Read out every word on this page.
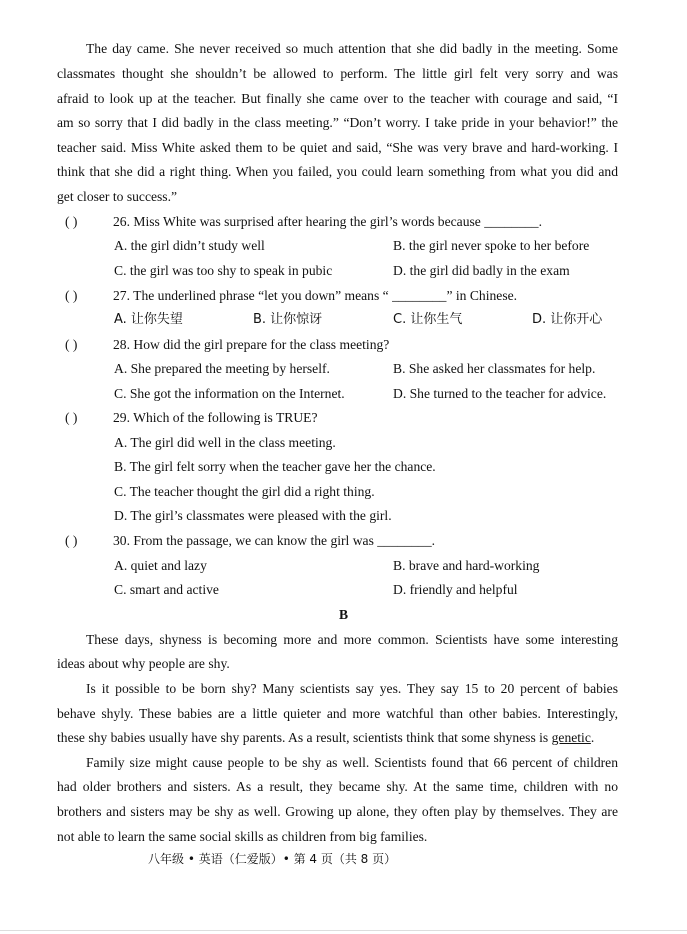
The day came. She never received so much attention that she did badly in the meeting. Some
classmates thought she shouldn’t be allowed to perform. The little girl felt very sorry and was
afraid to look up at the teacher. But finally she came over to the teacher with courage and said, “I
am so sorry that I did badly in the class meeting.” “Don’t worry. I take pride in your behavior!” the
teacher said. Miss White asked them to be quiet and said, “She was very brave and hard-working. I
think that she did a right thing. When you failed, you could learn something from what you did and
get closer to success.”
( )	26. Miss White was surprised after hearing the girl’s words because ________.
A. the girl didn’t study well	B. the girl never spoke to her before
C. the girl was too shy to speak in pubic	D. the girl did badly in the exam
( )	27. The underlined phrase “let you down” means “ ________” in Chinese.
A. 让你失望	B. 让你惊讶	C. 让你生气	D. 让你开心
( )	28. How did the girl prepare for the class meeting?
A. She prepared the meeting by herself.	B. She asked her classmates for help.
C. She got the information on the Internet.	D. She turned to the teacher for advice.
( )	29. Which of the following is TRUE?
A. The girl did well in the class meeting.
B. The girl felt sorry when the teacher gave her the chance.
C. The teacher thought the girl did a right thing.
D. The girl’s classmates were pleased with the girl.
( )	30. From the passage, we can know the girl was ________.
A. quiet and lazy	B. brave and hard-working
C. smart and active	D. friendly and helpful
B
These days, shyness is becoming more and more common. Scientists have some interesting
ideas about why people are shy.
Is it possible to be born shy? Many scientists say yes. They say 15 to 20 percent of babies
behave shyly. These babies are a little quieter and more watchful than other babies. Interestingly,
these shy babies usually have shy parents. As a result, scientists think that some shyness is genetic.
Family size might cause people to be shy as well. Scientists found that 66 percent of children
had older brothers and sisters. As a result, they became shy. At the same time, children with no
brothers and sisters may be shy as well. Growing up alone, they often play by themselves. They are
not able to learn the same social skills as children from big families.
八年级 • 英语（仁爱版）• 第 4 页（共 8 页）
